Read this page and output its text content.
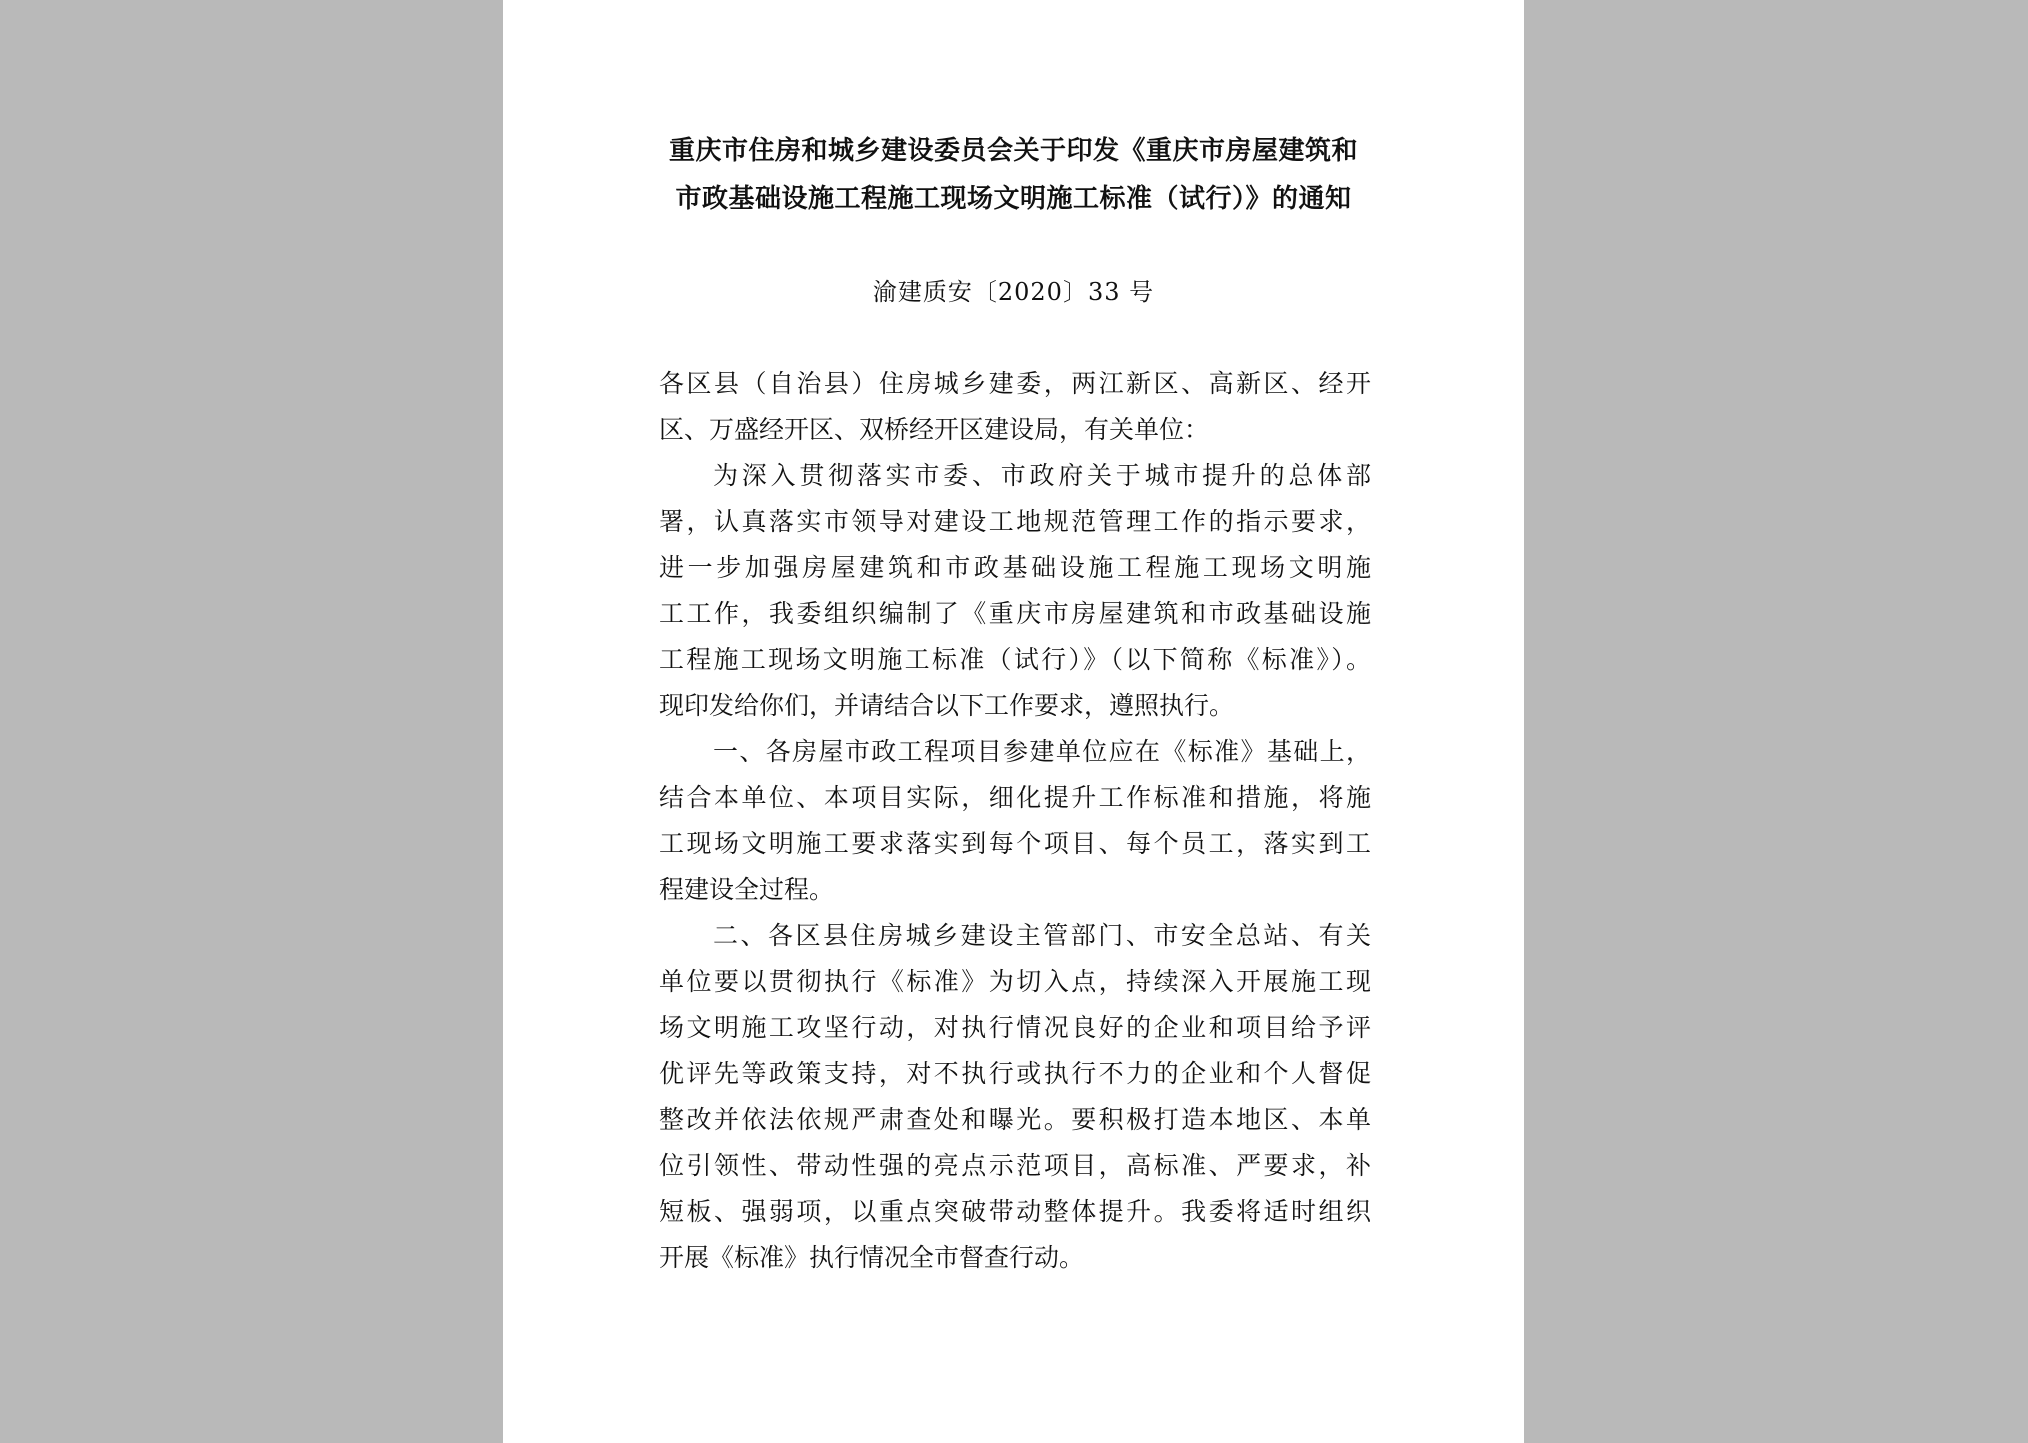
重庆市住房和城乡建设委员会关于印发《重庆市房屋建筑和
市政基础设施工程施工现场文明施工标准（试行）》的通知
渝建质安〔2020〕33 号
各区县（自治县）住房城乡建委，两江新区、高新区、经开
区、万盛经开区、双桥经开区建设局，有关单位：
为深入贯彻落实市委、市政府关于城市提升的总体部
署，认真落实市领导对建设工地规范管理工作的指示要求，
进一步加强房屋建筑和市政基础设施工程施工现场文明施
工工作，我委组织编制了《重庆市房屋建筑和市政基础设施
工程施工现场文明施工标准（试行）》（以下简称《标准》）。
现印发给你们，并请结合以下工作要求，遵照执行。
一、各房屋市政工程项目参建单位应在《标准》基础上，
结合本单位、本项目实际，细化提升工作标准和措施，将施
工现场文明施工要求落实到每个项目、每个员工，落实到工
程建设全过程。
二、各区县住房城乡建设主管部门、市安全总站、有关
单位要以贯彻执行《标准》为切入点，持续深入开展施工现
场文明施工攻坚行动，对执行情况良好的企业和项目给予评
优评先等政策支持，对不执行或执行不力的企业和个人督促
整改并依法依规严肃查处和曝光。要积极打造本地区、本单
位引领性、带动性强的亮点示范项目，高标准、严要求，补
短板、强弱项，以重点突破带动整体提升。我委将适时组织
开展《标准》执行情况全市督查行动。
